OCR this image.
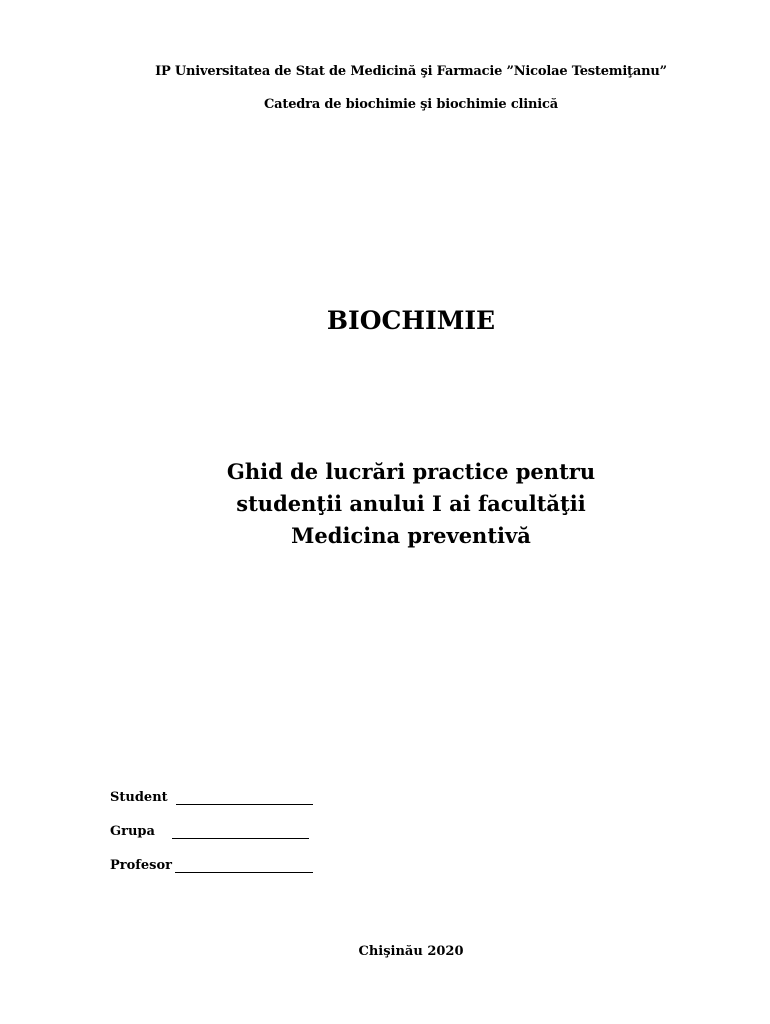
IP Universitatea de Stat de Medicină şi Farmacie ”Nicolae Testemiţanu”
Catedra de biochimie şi biochimie clinică
BIOCHIMIE
Ghid de lucrări practice pentru
studenţii anului I ai facultăţii
Medicina preventivă
Student
Grupa
Profesor
Chişinău 2020
